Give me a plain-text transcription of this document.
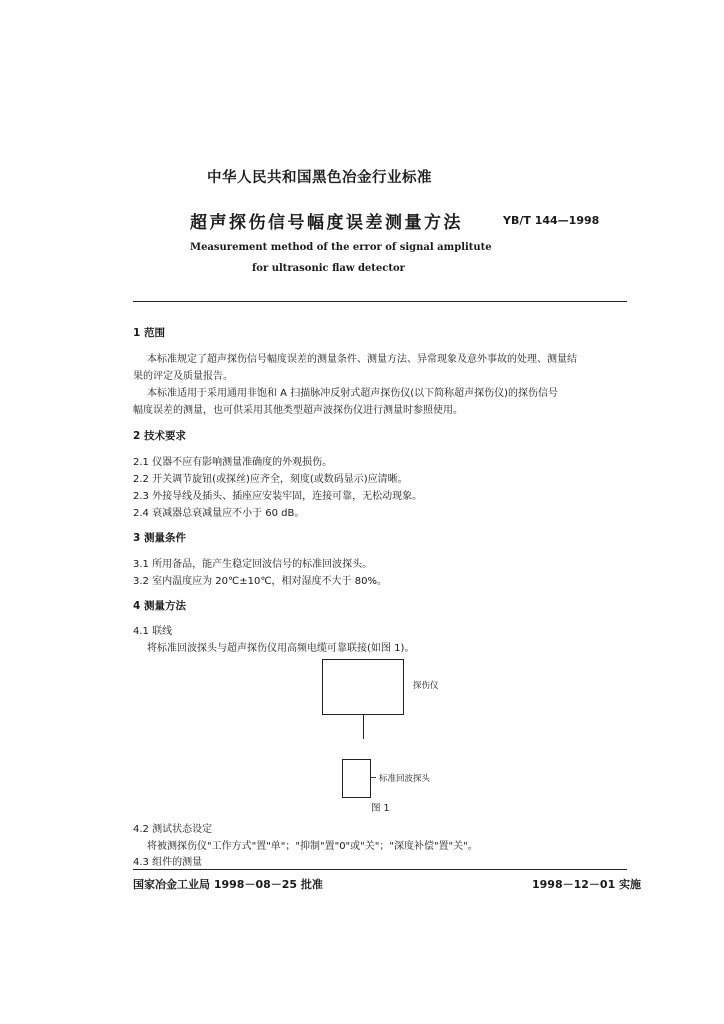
中华人民共和国黑色冶金行业标准
超声探伤信号幅度误差测量方法	YB/T 144—1998
Measurement method of the error of signal amplitute
for ultrasonic flaw detector
1 范围
本标准规定了超声探伤信号幅度误差的测量条件、测量方法、异常现象及意外事故的处理、测量结
果的评定及质量报告。
本标准适用于采用通用非饱和 A 扫描脉冲反射式超声探伤仪(以下简称超声探伤仪)的探伤信号
幅度误差的测量，也可供采用其他类型超声波探伤仪进行测量时参照使用。
2 技术要求
2.1 仪器不应有影响测量准确度的外观损伤。
2.2 开关调节旋钮(或探丝)应齐全，刻度(或数码显示)应清晰。
2.3 外接导线及插头、插座应安装牢固，连接可靠，无松动现象。
2.4 衰减器总衰减量应不小于 60 dB。
3 测量条件
3.1 所用备品，能产生稳定回波信号的标准回波探头。
3.2 室内温度应为 20℃±10℃，相对湿度不大于 80%。
4 测量方法
4.1 联线
将标准回波探头与超声探伤仪用高频电缆可靠联接(如图 1)。
探伤仪
标准回波探头
图 1
4.2 测试状态设定
将被测探伤仪"工作方式"置"单"；"抑制"置"0"或"关"；"深度补偿"置"关"。
4.3 组件的测量
国家冶金工业局 1998－08－25 批准	1998－12－01 实施
